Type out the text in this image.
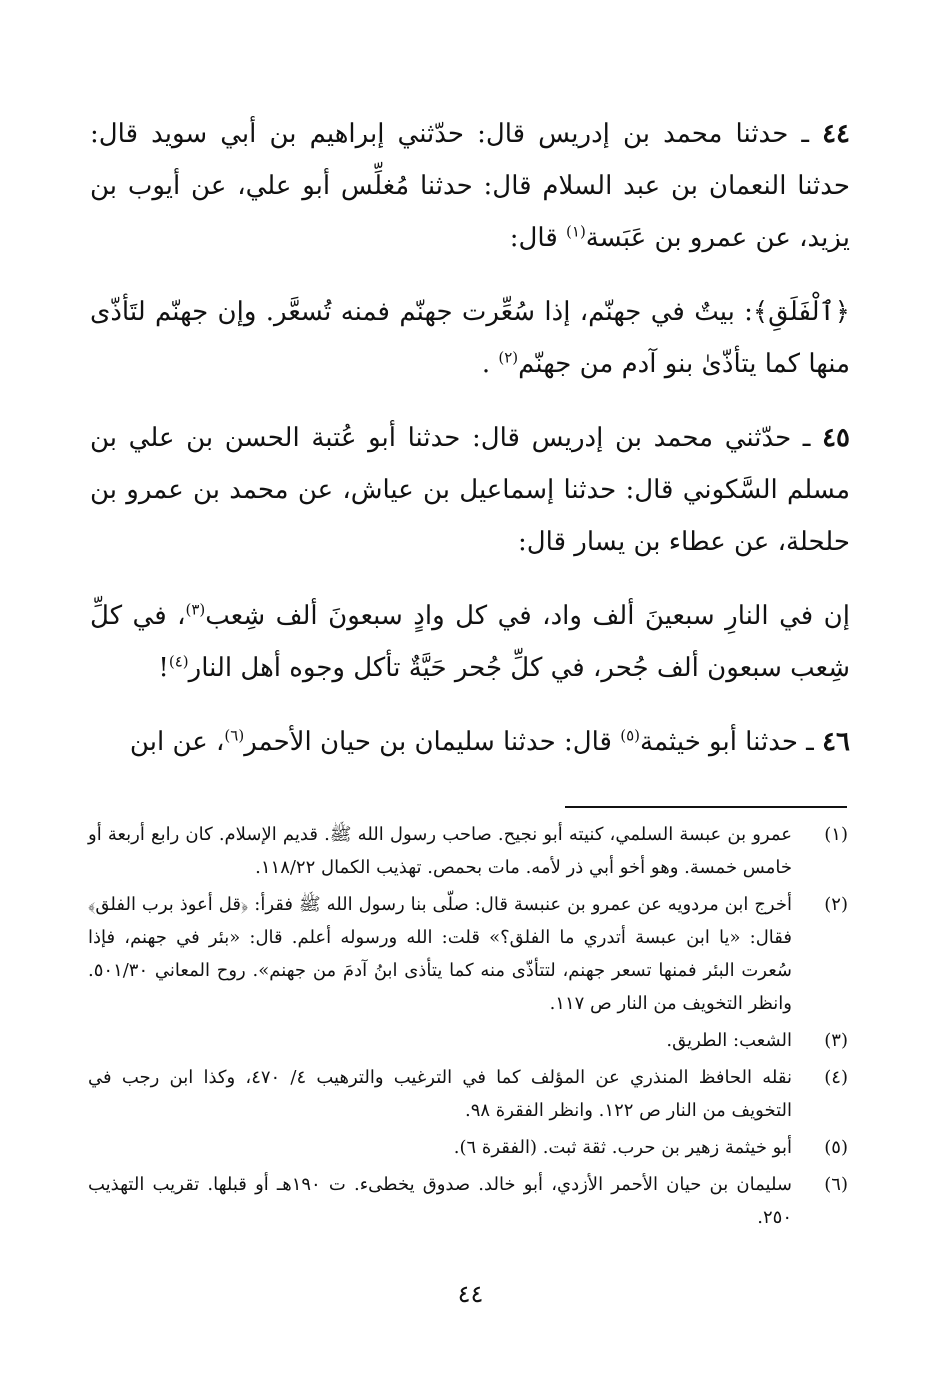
٤٤ ـ حدثنا محمد بن إدريس قال: حدّثني إبراهيم بن أبي سويد قال: حدثنا النعمان بن عبد السلام قال: حدثنا مُغلِّس أبو علي، عن أيوب بن يزيد، عن عمرو بن عَبَسة$^{(١)}$ قال:

﴿ٱلْفَلَقِ﴾: بيتٌ في جهنّم، إذا سُعِّرت جهنّم فمنه تُسعَّر. وإن جهنّم لتَأذّى منها كما يتأذّىٰ بنو آدم من جهنّم$^{(٢)}$ .

٤٥ ـ حدّثني محمد بن إدريس قال: حدثنا أبو عُتبة الحسن بن علي بن مسلم السَّكوني قال: حدثنا إسماعيل بن عياش، عن محمد بن عمرو بن حلحلة، عن عطاء بن يسار قال:

إن في النارِ سبعينَ ألف واد، في كل وادٍ سبعونَ ألف شِعب$^{(٣)}$، في كلِّ شِعب سبعون ألف جُحر، في كلِّ جُحر حَيَّةٌ تأكل وجوه أهل النار$^{(٤)}$!

٤٦ ـ حدثنا أبو خيثمة$^{(٥)}$ قال: حدثنا سليمان بن حيان الأحمر$^{(٦)}$، عن ابن

(١)
عمرو بن عبسة السلمي، كنيته أبو نجيح. صاحب رسول الله ﷺ. قديم الإسلام. كان رابع أربعة أو خامس خمسة. وهو أخو أبي ذر لأمه. مات بحمص. تهذيب الكمال ١١٨/٢٢.
(٢)
أخرج ابن مردويه عن عمرو بن عنبسة قال: صلّى بنا رسول الله ﷺ فقرأ: ﴿قل أعوذ برب الفلق﴾ فقال: «يا ابن عبسة أتدري ما الفلق؟» قلت: الله ورسوله أعلم. قال: «بئر في جهنم، فإذا سُعرت البئر فمنها تسعر جهنم، لتتأذّى منه كما يتأذى ابنُ آدمَ من جهنم». روح المعاني ٥٠١/٣٠. وانظر التخويف من النار ص ١١٧.
(٣)
الشعب: الطريق.
(٤)
نقله الحافظ المنذري عن المؤلف كما في الترغيب والترهيب ٤/ ٤٧٠، وكذا ابن رجب في التخويف من النار ص ١٢٢. وانظر الفقرة ٩٨.
(٥)
أبو خيثمة زهير بن حرب. ثقة ثبت. (الفقرة ٦).
(٦)
سليمان بن حيان الأحمر الأزدي، أبو خالد. صدوق يخطىء. ت ١٩٠هـ أو قبلها. تقريب التهذيب ٢٥٠.
٤٤
